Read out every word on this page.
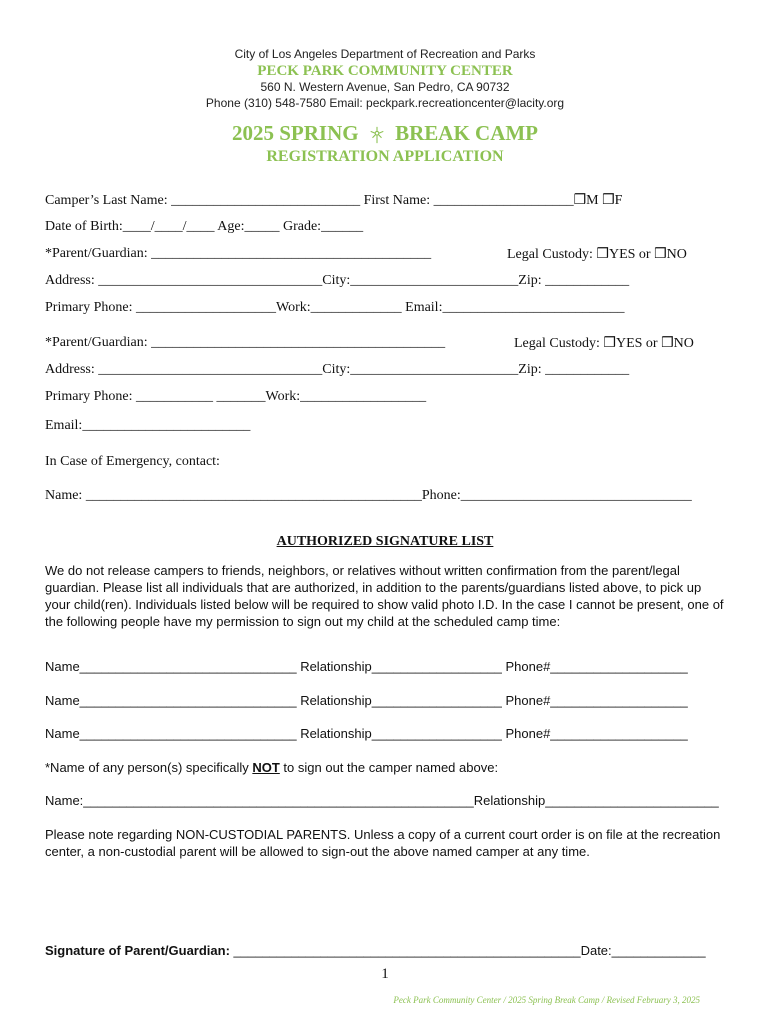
City of Los Angeles Department of Recreation and Parks
PECK PARK COMMUNITY CENTER
560 N. Western Avenue, San Pedro, CA 90732
Phone (310) 548-7580 Email: peckpark.recreationcenter@lacity.org
2025 SPRING BREAK CAMP
REGISTRATION APPLICATION
Camper’s Last Name: ___________________________ First Name: ____________________❒M ❒F
Date of Birth:____/____/____ Age:_____ Grade:______
*Parent/Guardian: ________________________________________	Legal Custody: ❒YES or ❒NO
Address: ________________________________City:________________________Zip: ____________
Primary Phone: ____________________Work:_____________ Email:__________________________
*Parent/Guardian: __________________________________________	Legal Custody: ❒YES or ❒NO
Address: ________________________________City:________________________Zip: ____________
Primary Phone: ___________ _______Work:__________________
Email:________________________
In Case of Emergency, contact:
Name: ________________________________________________Phone:_________________________________
AUTHORIZED SIGNATURE LIST
We do not release campers to friends, neighbors, or relatives without written confirmation from the parent/legal guardian. Please list all individuals that are authorized, in addition to the parents/guardians listed above, to pick up your child(ren). Individuals listed below will be required to show valid photo I.D. In the case I cannot be present, one of the following people have my permission to sign out my child at the scheduled camp time:
Name______________________________ Relationship__________________ Phone#___________________
Name______________________________ Relationship__________________ Phone#___________________
Name______________________________ Relationship__________________ Phone#___________________
*Name of any person(s) specifically NOT to sign out the camper named above:
Name:______________________________________________________Relationship________________________
Please note regarding NON-CUSTODIAL PARENTS. Unless a copy of a current court order is on file at the recreation center, a non-custodial parent will be allowed to sign-out the above named camper at any time.
Signature of Parent/Guardian: ________________________________________________Date:_____________
1
Peck Park Community Center / 2025 Spring Break Camp / Revised February 3, 2025
